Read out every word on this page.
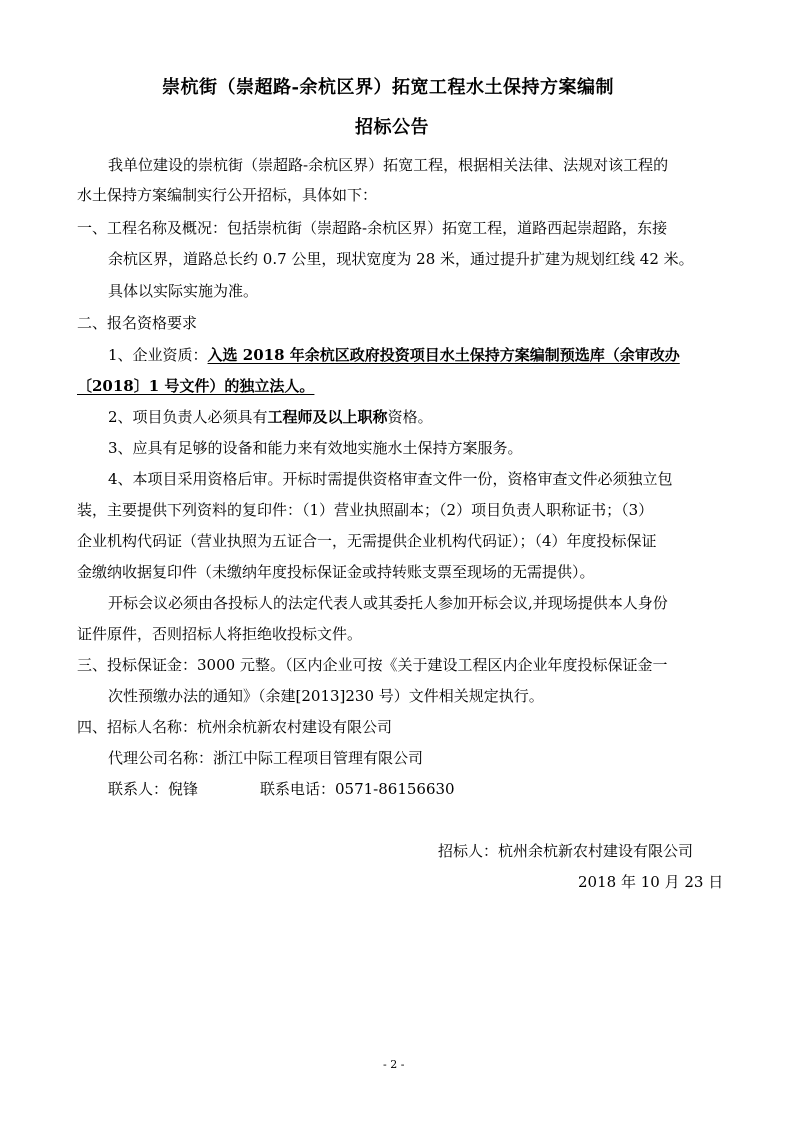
崇杭街（崇超路-余杭区界）拓宽工程水土保持方案编制
招标公告
我单位建设的崇杭街（崇超路-余杭区界）拓宽工程，根据相关法律、法规对该工程的
水土保持方案编制实行公开招标，具体如下：
一、工程名称及概况：包括崇杭街（崇超路-余杭区界）拓宽工程，道路西起崇超路，东接
余杭区界，道路总长约 0.7 公里，现状宽度为 28 米，通过提升扩建为规划红线 42 米。
具体以实际实施为准。
二、报名资格要求
1、企业资质：入选 2018 年余杭区政府投资项目水土保持方案编制预选库（余审改办
〔2018〕1 号文件）的独立法人。
2、项目负责人必须具有工程师及以上职称资格。
3、应具有足够的设备和能力来有效地实施水土保持方案服务。
4、本项目采用资格后审。开标时需提供资格审查文件一份，资格审查文件必须独立包
装，主要提供下列资料的复印件：（1）营业执照副本；（2）项目负责人职称证书；（3）
企业机构代码证（营业执照为五证合一，无需提供企业机构代码证）；（4）年度投标保证
金缴纳收据复印件（未缴纳年度投标保证金或持转账支票至现场的无需提供）。
开标会议必须由各投标人的法定代表人或其委托人参加开标会议,并现场提供本人身份
证件原件，否则招标人将拒绝收投标文件。
三、投标保证金：3000 元整。（区内企业可按《关于建设工程区内企业年度投标保证金一
次性预缴办法的通知》（余建[2013]230 号）文件相关规定执行。
四、招标人名称：杭州余杭新农村建设有限公司
代理公司名称：浙江中际工程项目管理有限公司
联系人：倪锋	联系电话：0571-86156630
招标人：杭州余杭新农村建设有限公司
2018 年 10 月 23 日
- 2 -
